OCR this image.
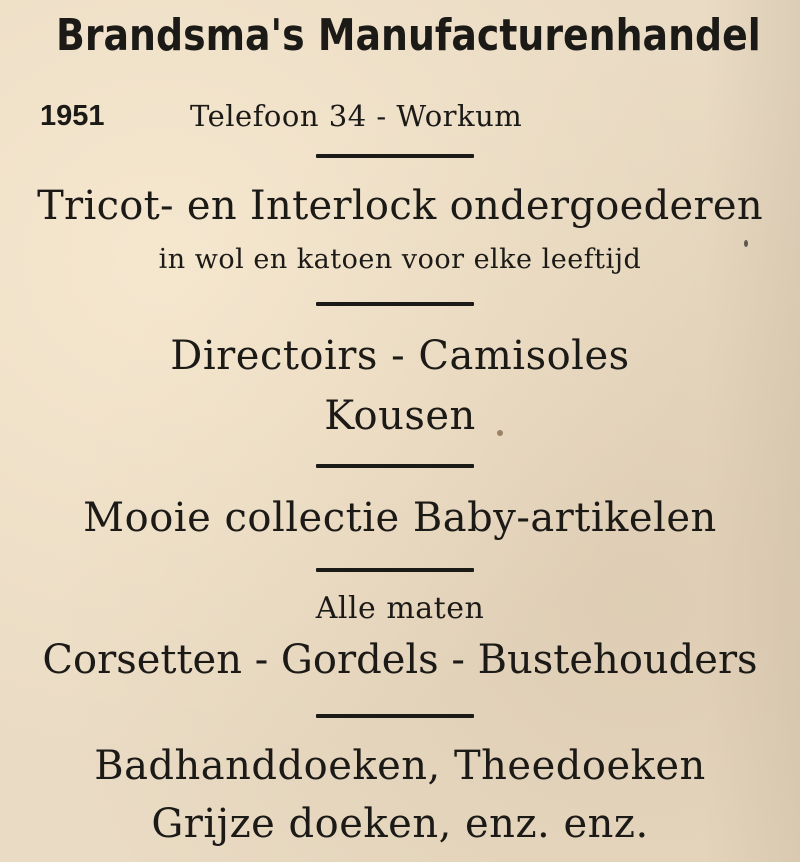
Brandsma's Manufacturenhandel
1951	Telefoon 34 - Workum
Tricot- en Interlock ondergoederen
in wol en katoen voor elke leeftijd
Directoirs - Camisoles
Kousen
Mooie collectie Baby-artikelen
Alle maten
Corsetten - Gordels - Bustehouders
Badhanddoeken, Theedoeken
Grijze doeken, enz. enz.
